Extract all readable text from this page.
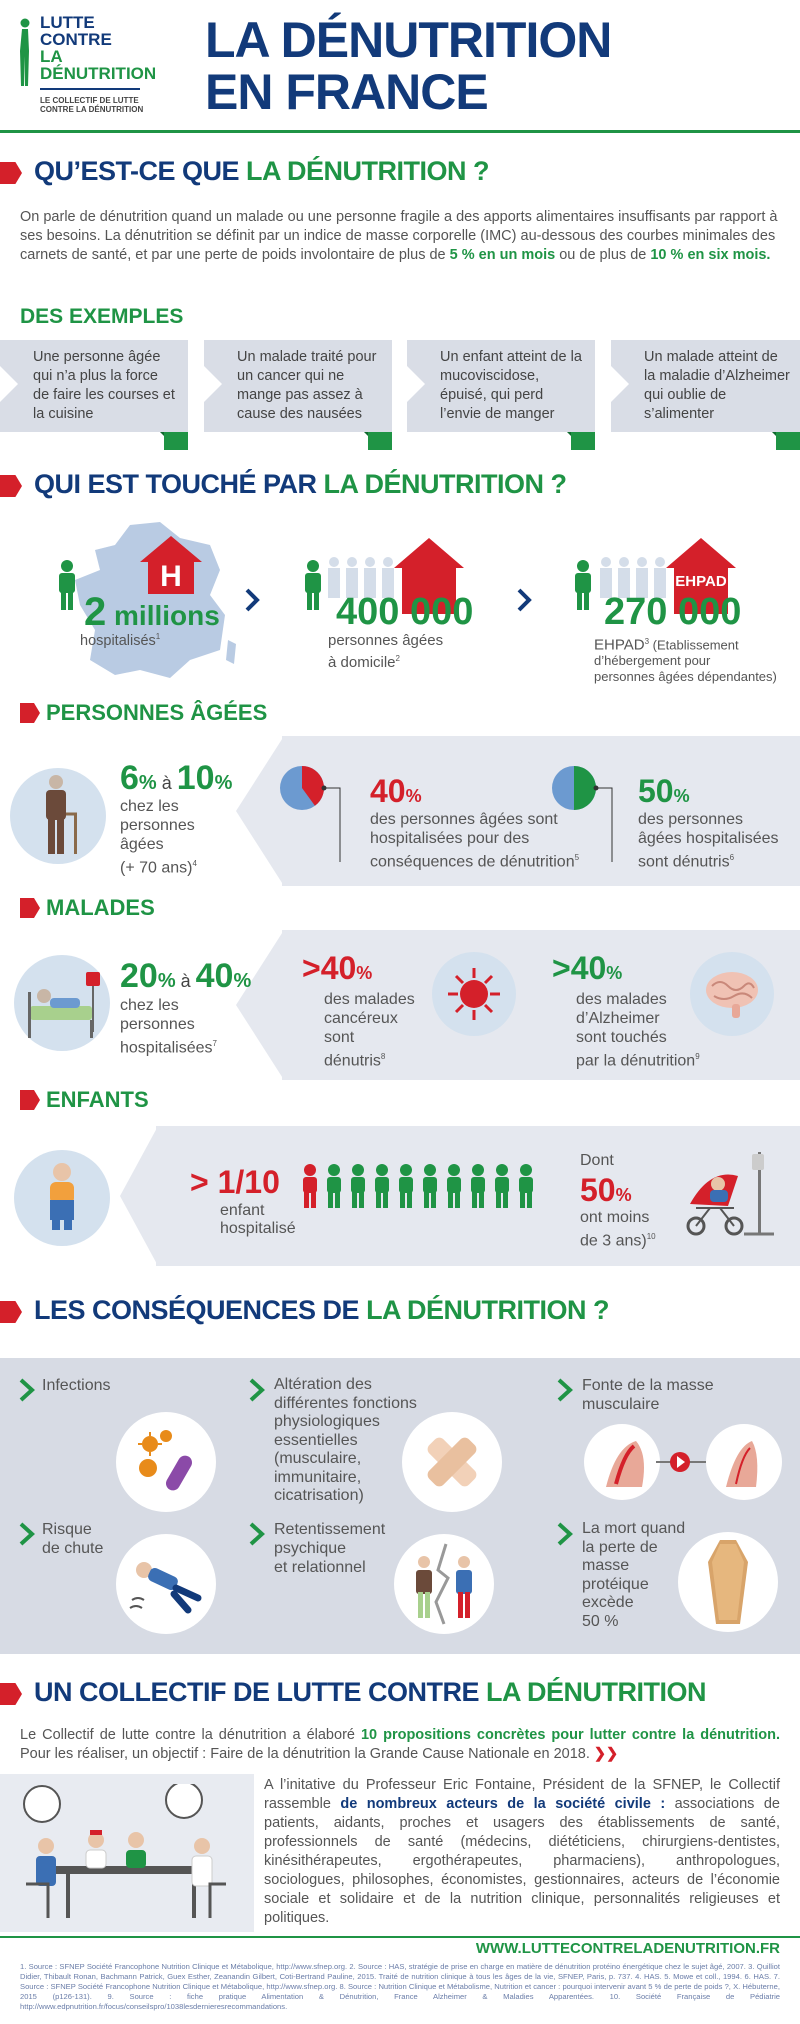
LUTTE
CONTRE
LA
DÉNUTRITION
LE COLLECTIF DE LUTTE
CONTRE LA DÉNUTRITION
LA DÉNUTRITION
EN FRANCE
QU’EST-CE QUE LA DÉNUTRITION ?
On parle de dénutrition quand un malade ou une personne fragile a des apports alimentaires insuffisants par rapport à ses besoins. La dénutrition se définit par un indice de masse corporelle (IMC) au-dessous des courbes minimales des carnets de santé, et par une perte de poids involontaire de plus de 5 % en un mois ou de plus de 10 % en six mois.
DES EXEMPLES
Une personne âgée qui n’a plus la force de faire les courses et la cuisine
Un malade traité pour un cancer qui ne mange pas assez à cause des nausées
Un enfant atteint de la mucoviscidose, épuisé, qui perd l’envie de manger
Un malade atteint de la maladie d’Alzheimer qui oublie de s’alimenter
QUI EST TOUCHÉ PAR LA DÉNUTRITION ?
H
2 millions
hospitalisés$^1$
400 000
personnes âgées
à domicile$^2$
EHPAD
270 000
EHPAD$^3$ (Etablissement
d’hébergement pour
personnes âgées dépendantes)
PERSONNES ÂGÉES
6% à 10%
chez les
personnes
âgées
(+ 70 ans)$^4$
40%
des personnes âgées sont
hospitalisées pour des
conséquences de dénutrition$^5$
50%
des personnes
âgées hospitalisées
sont dénutris$^6$
MALADES
20% à 40%
chez les
personnes
hospitalisées$^7$
>40%
des malades
cancéreux
sont
dénutris$^8$
>40%
des malades
d’Alzheimer
sont touchés
par la dénutrition$^9$
ENFANTS
> 1/10
enfant
hospitalisé
Dont
50%
ont moins
de 3 ans)$^{10}$
LES CONSÉQUENCES DE LA DÉNUTRITION ?
Infections	Altération des
différentes fonctions
physiologiques
essentielles
(musculaire,
immunitaire,
cicatrisation)
Fonte de la masse
musculaire
Risque
de chute
Retentissement
psychique
et relationnel
La mort quand
la perte de
masse
protéique
excède
50 %
UN COLLECTIF DE LUTTE CONTRE LA DÉNUTRITION
Le Collectif de lutte contre la dénutrition a élaboré 10 propositions concrètes pour lutter contre la dénutrition. Pour les réaliser, un objectif : Faire de la dénutrition la Grande Cause Nationale en 2018. ❯❯
A l’initative du Professeur Eric Fontaine, Président de la SFNEP, le Collectif rassemble de nombreux acteurs de la société civile : associations de patients, aidants, proches et usagers des établissements de santé, professionnels de santé (médecins, diététiciens, chirurgiens-dentistes, kinésithérapeutes, ergothérapeutes, pharmaciens), anthropologues, sociologues, philosophes, économistes, gestionnaires, acteurs de l’économie sociale et solidaire et de la nutrition clinique, personnalités religieuses et politiques.
WWW.LUTTECONTRELADENUTRITION.FR
1. Source : SFNEP Société Francophone Nutrition Clinique et Métabolique, http://www.sfnep.org. 2. Source : HAS, stratégie de prise en charge en matière de dénutrition protéino énergétique chez le sujet âgé, 2007. 3. Quilliot Didier, Thibault Ronan, Bachmann Patrick, Guex Esther, Zeanandin Gilbert, Coti-Bertrand Pauline, 2015. Traité de nutrition clinique à tous les âges de la vie, SFNEP, Paris, p. 737. 4. HAS. 5. Mowe et coll., 1994. 6. HAS. 7. Source : SFNEP Société Francophone Nutrition Clinique et Métabolique, http://www.sfnep.org. 8. Source : Nutrition Clinique et Métabolisme, Nutrition et cancer : pourquoi intervenir avant 5 % de perte de poids ?, X. Hébuterne, 2015 (p126-131). 9. Source : fiche pratique Alimentation & Dénutrition, France Alzheimer & Maladies Apparentées. 10. Société Française de Pédiatrie http://www.edpnutrition.fr/focus/conseilspro/1038lesdernieresrecommandations.
